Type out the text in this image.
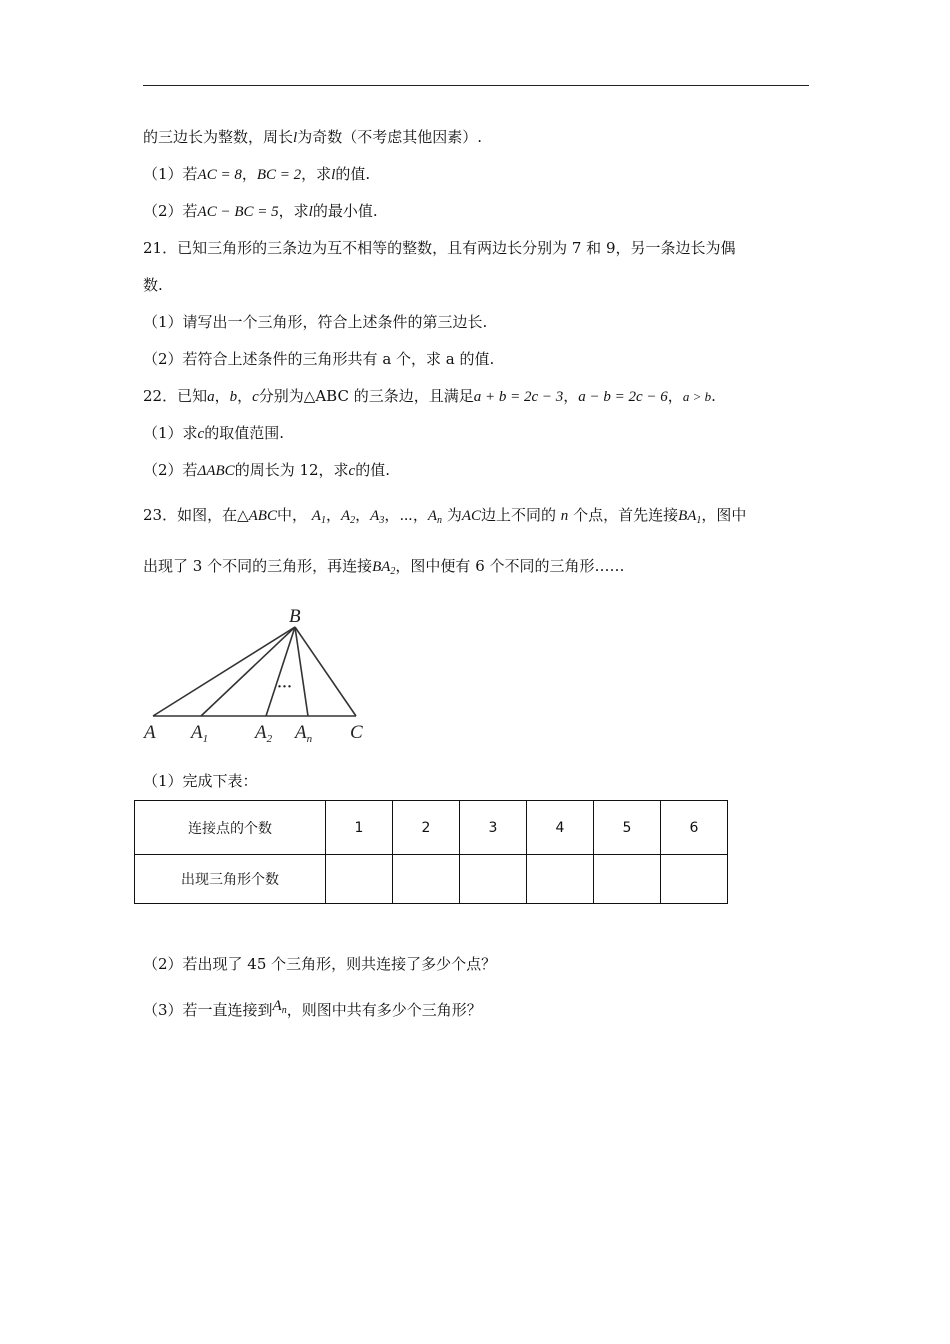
的三边长为整数，周长l为奇数（不考虑其他因素）.
（1）若AC = 8，BC = 2，求l的值.
（2）若AC − BC = 5，求l的最小值.
21．已知三角形的三条边为互不相等的整数，且有两边长分别为 7 和 9，另一条边长为偶
数.
（1）请写出一个三角形，符合上述条件的第三边长.
（2）若符合上述条件的三角形共有 a 个，求 a 的值.
22．已知a，b，c分别为△ABC 的三条边，且满足a + b = 2c − 3，a − b = 2c − 6，a > b.
（1）求c的取值范围.
（2）若ΔABC的周长为 12，求c的值.
23．如图，在△ABC中， $A_1$，$A_2$，$A_3$，⋯，$A_n$ 为AC边上不同的 n 个点，首先连接$BA_1$，图中
出现了 3 个不同的三角形，再连接$BA_2$，图中便有 6 个不同的三角形……
B
A $A_1$ $A_2$ $A_n$ C
···
（1）完成下表：
连接点的个数	1	2	3	4	5	6
出现三角形个数						
（2）若出现了 45 个三角形，则共连接了多少个点？
（3）若一直连接到$A_n$，则图中共有多少个三角形？
